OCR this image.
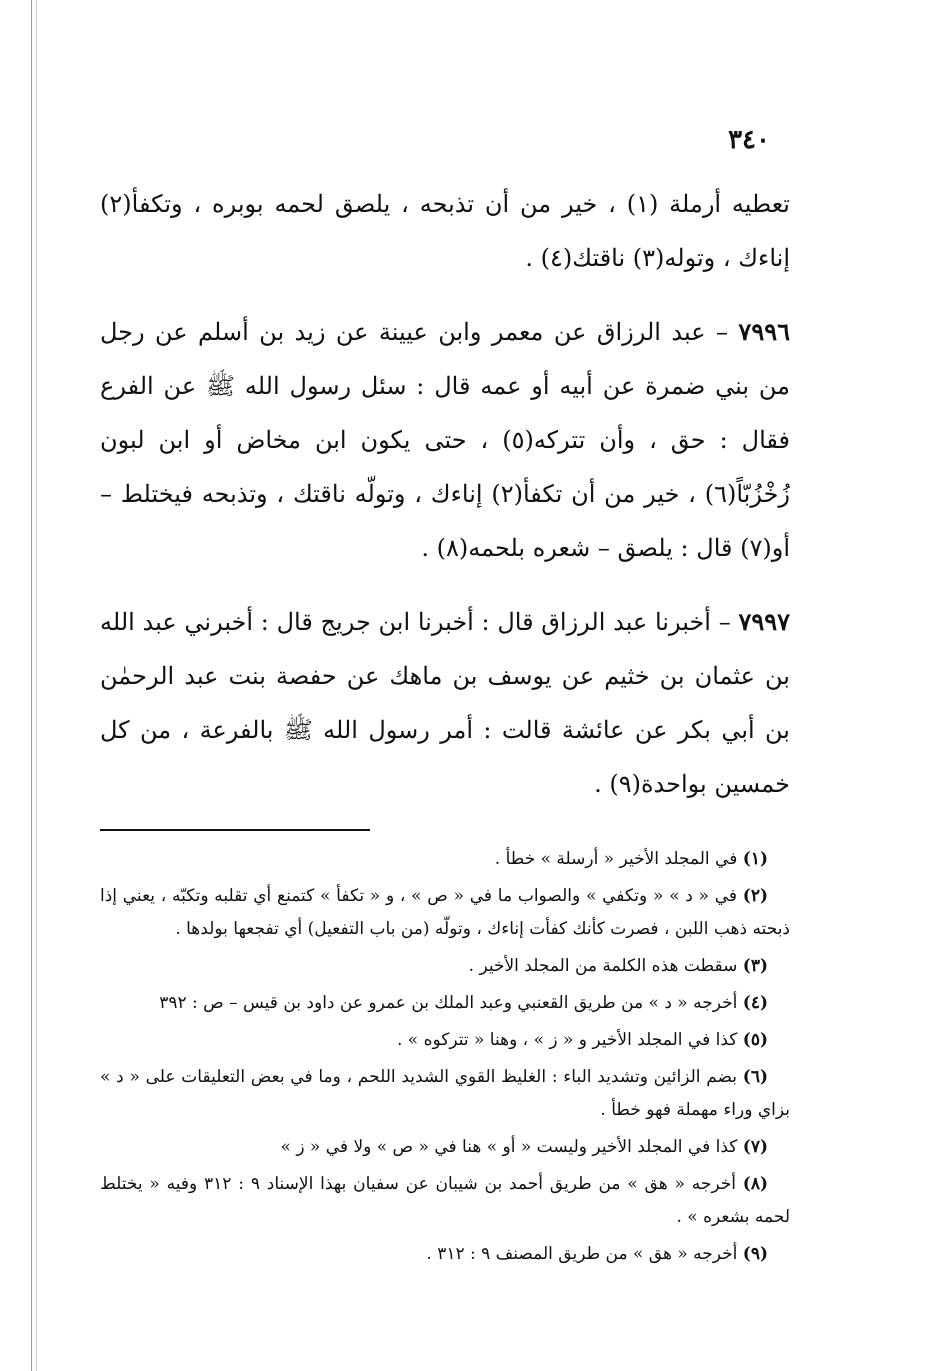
٣٤٠

تعطيه أرملة (١) ، خير من أن تذبحه ، يلصق لحمه بوبره ، وتكفأ(٢) إناءك ، وتوله(٣) ناقتك(٤) .

٧٩٩٦ – عبد الرزاق عن معمر وابن عيينة عن زيد بن أسلم عن رجل من بني ضمرة عن أبيه أو عمه قال : سئل رسول الله ﷺ عن الفرع فقال : حق ، وأن تتركه(٥) ، حتى يكون ابن مخاض أو ابن لبون زُخْزُبّاً(٦) ، خير من أن تكفأ(٢) إناءك ، وتولّه ناقتك ، وتذبحه فيختلط – أو(٧) قال : يلصق – شعره بلحمه(٨) .

٧٩٩٧ – أخبرنا عبد الرزاق قال : أخبرنا ابن جريج قال : أخبرني عبد الله بن عثمان بن خثيم عن يوسف بن ماهك عن حفصة بنت عبد الرحمٰن بن أبي بكر عن عائشة قالت : أمر رسول الله ﷺ بالفرعة ، من كل خمسين بواحدة(٩) .

(١) في المجلد الأخير « أرسلة » خطأ .

(٢) في « د » « وتكفي » والصواب ما في « ص » ، و « تكفأ » كتمنع أي تقلبه وتكبّه ، يعني إذا ذبحته ذهب اللبن ، فصرت كأنك كفأت إناءك ، وتولّه (من باب التفعيل) أي تفجعها بولدها .

(٣) سقطت هذه الكلمة من المجلد الأخير .

(٤) أخرجه « د » من طريق القعنبي وعبد الملك بن عمرو عن داود بن قيس – ص : ٣٩٢

(٥) كذا في المجلد الأخير و « ز » ، وهنا « تتركوه » .

(٦) بضم الزائين وتشديد الباء : الغليظ القوي الشديد اللحم ، وما في بعض التعليقات على « د » بزاي وراء مهملة فهو خطأ .

(٧) كذا في المجلد الأخير وليست « أو » هنا في « ص » ولا في « ز »

(٨) أخرجه « هق » من طريق أحمد بن شيبان عن سفيان بهذا الإسناد ٩ : ٣١٢ وفيه « يختلط لحمه بشعره » .

(٩) أخرجه « هق » من طريق المصنف ٩ : ٣١٢ .
